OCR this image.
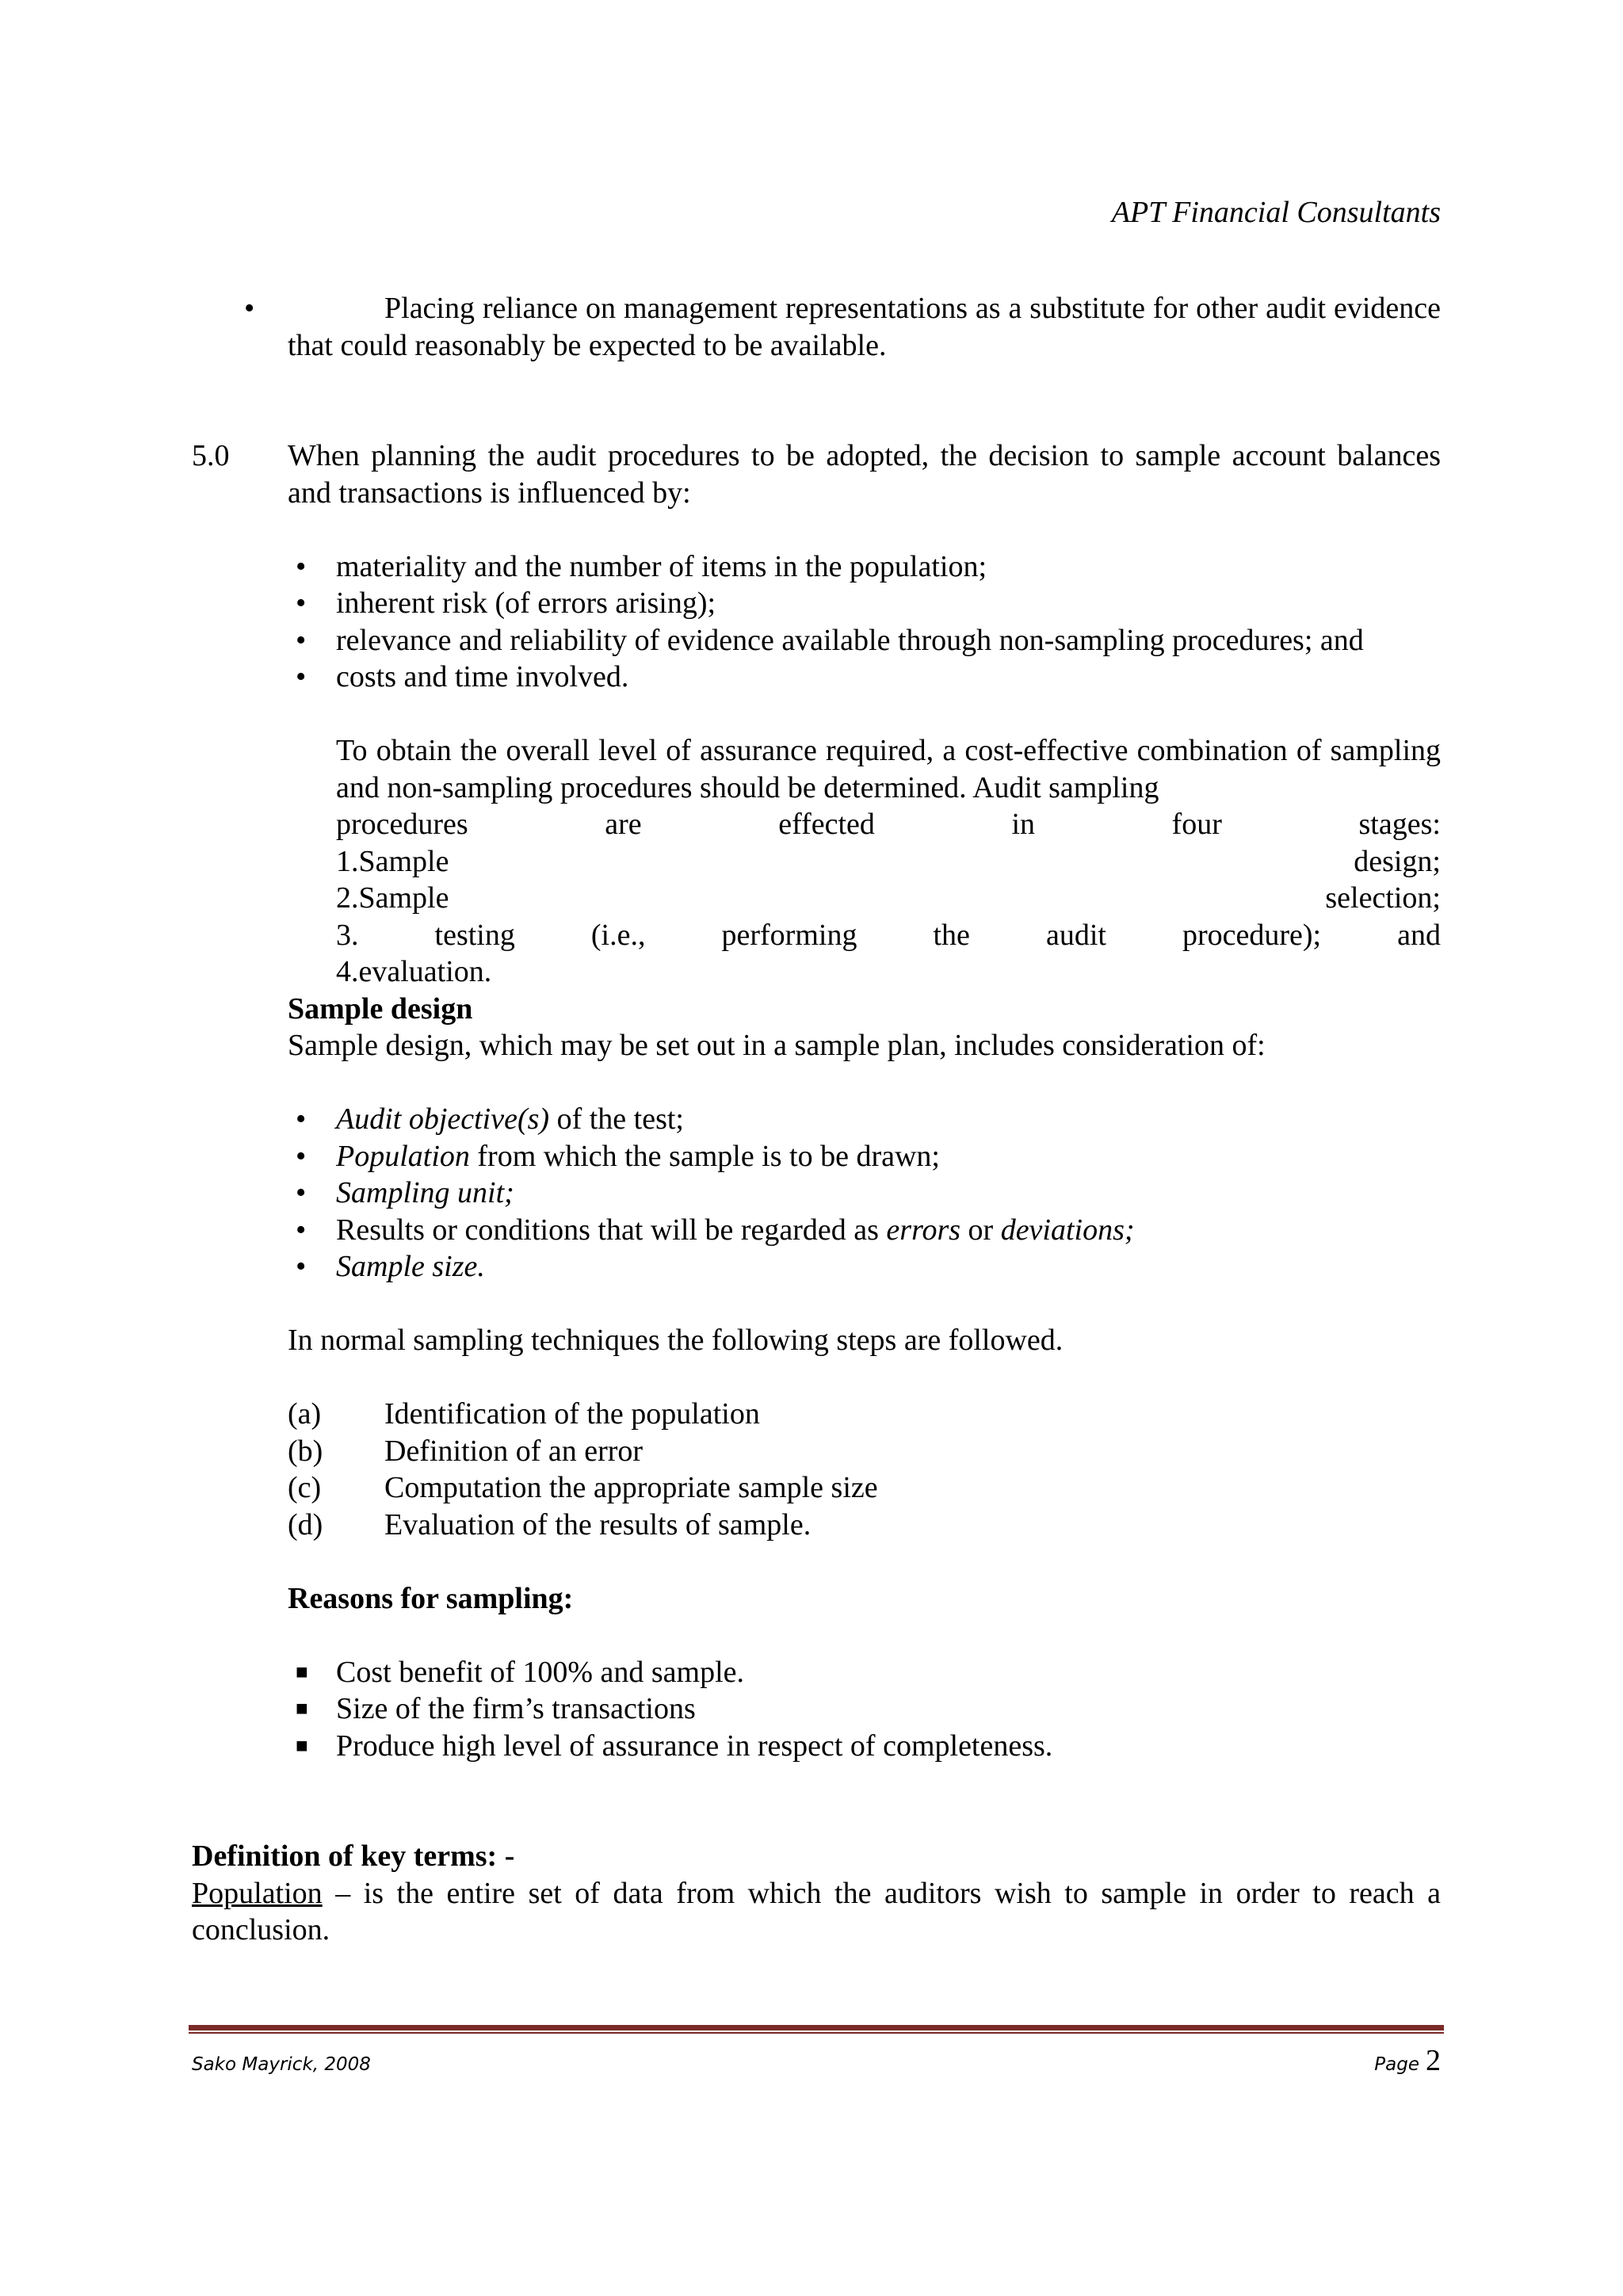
APT Financial Consultants

•	Placing reliance on management representations as a substitute for other audit evidence that could reasonably be expected to be available.

5.0 When planning the audit procedures to be adopted, the decision to sample account balances and transactions is influenced by:

• materiality and the number of items in the population;
• inherent risk (of errors arising);
• relevance and reliability of evidence available through non-sampling procedures; and
• costs and time involved.

To obtain the overall level of assurance required, a cost-effective combination of sampling and non-sampling procedures should be determined. Audit sampling

procedures	are	effected	in	four	stages:
1.Sample	design;
2.Sample	selection;
3.	testing	(i.e.,	performing	the	audit	procedure);	and
4.evaluation.

Sample design

Sample design, which may be set out in a sample plan, includes consideration of:

• Audit objective(s) of the test;
• Population from which the sample is to be drawn;
• Sampling unit;
• Results or conditions that will be regarded as errors or deviations;
• Sample size.

In normal sampling techniques the following steps are followed.

(a)	Identification of the population
(b)	Definition of an error
(c)	Computation the appropriate sample size
(d)	Evaluation of the results of sample.

Reasons for sampling:

■ Cost benefit of 100% and sample.
■ Size of the firm’s transactions
■ Produce high level of assurance in respect of completeness.

Definition of key terms: -

Population – is the entire set of data from which the auditors wish to sample in order to reach a conclusion.

Sako Mayrick, 2008	Page 2
